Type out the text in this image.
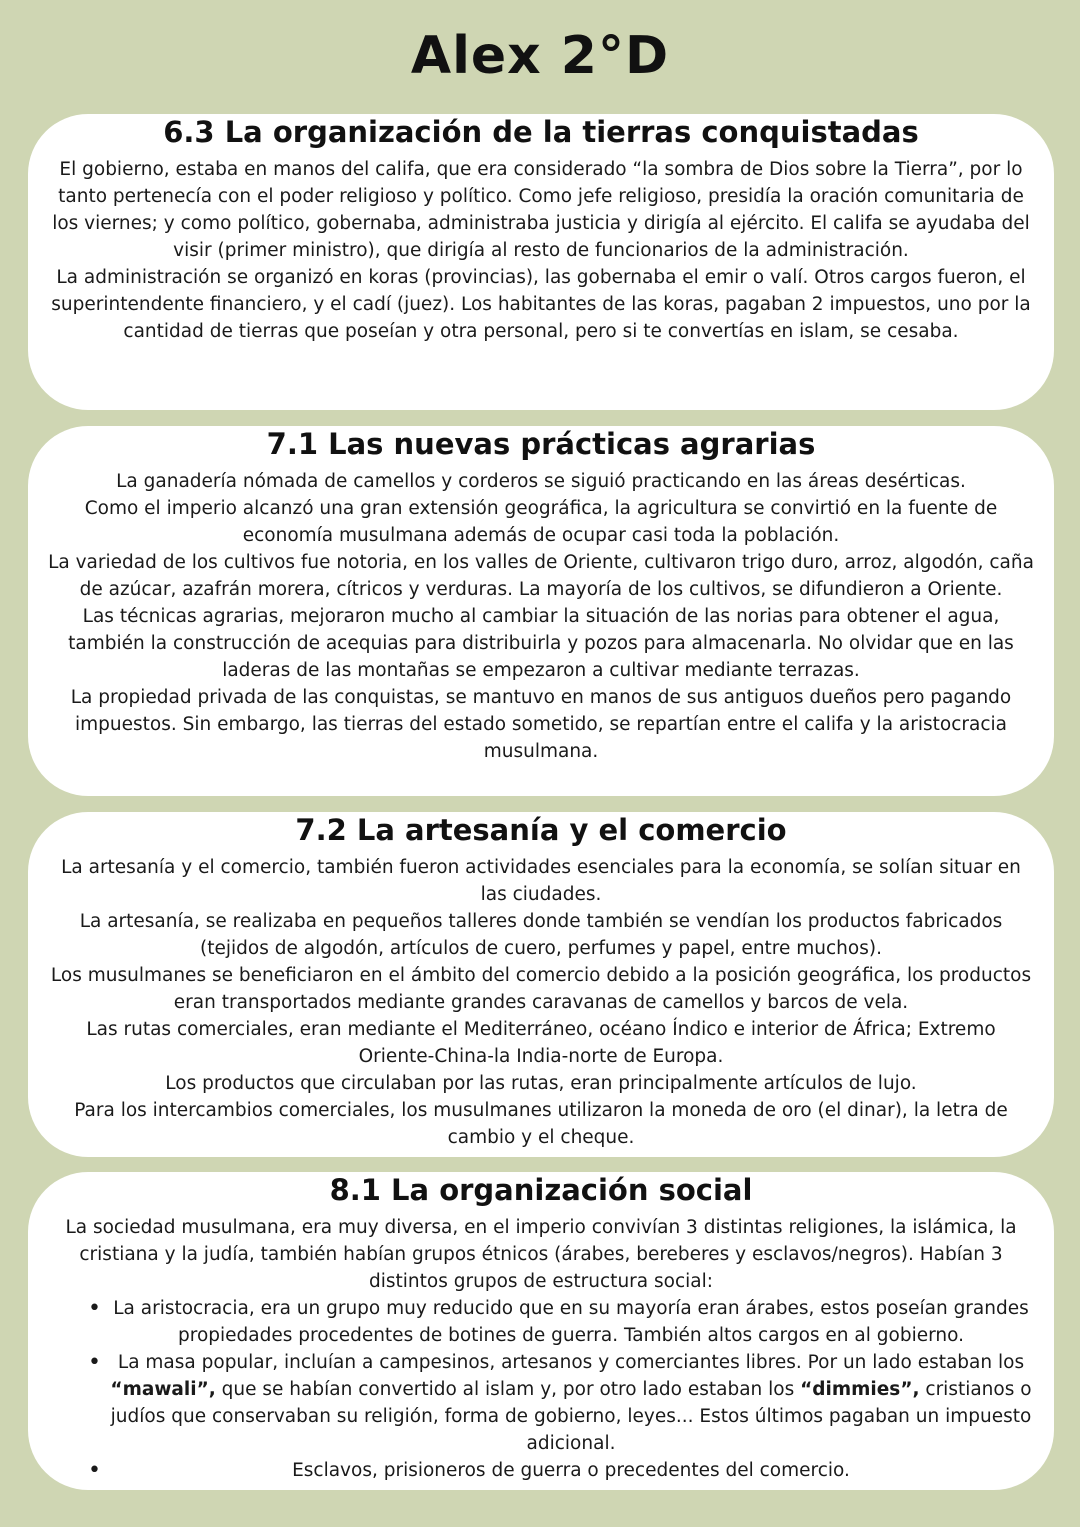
Alex 2°D
6.3 La organización de la tierras conquistadas

El gobierno, estaba en manos del califa, que era considerado “la sombra de Dios sobre la Tierra”, por lo tanto pertenecía con el poder religioso y político. Como jefe religioso, presidía la oración comunitaria de los viernes; y como político, gobernaba, administraba justicia y dirigía al ejército. El califa se ayudaba del visir (primer ministro), que dirigía al resto de funcionarios de la administración.

La administración se organizó en koras (provincias), las gobernaba el emir o valí. Otros cargos fueron, el superintendente financiero, y el cadí (juez). Los habitantes de las koras, pagaban 2 impuestos, uno por la cantidad de tierras que poseían y otra personal, pero si te convertías en islam, se cesaba.

7.1 Las nuevas prácticas agrarias

La ganadería nómada de camellos y corderos se siguió practicando en las áreas desérticas.

Como el imperio alcanzó una gran extensión geográfica, la agricultura se convirtió en la fuente de economía musulmana además de ocupar casi toda la población.

La variedad de los cultivos fue notoria, en los valles de Oriente, cultivaron trigo duro, arroz, algodón, caña de azúcar, azafrán morera, cítricos y verduras. La mayoría de los cultivos, se difundieron a Oriente.

Las técnicas agrarias, mejoraron mucho al cambiar la situación de las norias para obtener el agua, también la construcción de acequias para distribuirla y pozos para almacenarla. No olvidar que en las laderas de las montañas se empezaron a cultivar mediante terrazas.

La propiedad privada de las conquistas, se mantuvo en manos de sus antiguos dueños pero pagando impuestos. Sin embargo, las tierras del estado sometido, se repartían entre el califa y la aristocracia musulmana.

7.2 La artesanía y el comercio

La artesanía y el comercio, también fueron actividades esenciales para la economía, se solían situar en las ciudades.

La artesanía, se realizaba en pequeños talleres donde también se vendían los productos fabricados (tejidos de algodón, artículos de cuero, perfumes y papel, entre muchos).

Los musulmanes se beneficiaron en el ámbito del comercio debido a la posición geográfica, los productos eran transportados mediante grandes caravanas de camellos y barcos de vela.

Las rutas comerciales, eran mediante el Mediterráneo, océano Índico e interior de África; Extremo Oriente-China-la India-norte de Europa.

Los productos que circulaban por las rutas, eran principalmente artículos de lujo.

Para los intercambios comerciales, los musulmanes utilizaron la moneda de oro (el dinar), la letra de cambio y el cheque.

8.1 La organización social

La sociedad musulmana, era muy diversa, en el imperio convivían 3 distintas religiones, la islámica, la cristiana y la judía, también habían grupos étnicos (árabes, bereberes y esclavos/negros). Habían 3 distintos grupos de estructura social:

• La aristocracia, era un grupo muy reducido que en su mayoría eran árabes, estos poseían grandes propiedades procedentes de botines de guerra. También altos cargos en al gobierno.
• La masa popular, incluían a campesinos, artesanos y comerciantes libres. Por un lado estaban los “mawali”, que se habían convertido al islam y, por otro lado estaban los “dimmies”, cristianos o judíos que conservaban su religión, forma de gobierno, leyes... Estos últimos pagaban un impuesto adicional.
•	Esclavos, prisioneros de guerra o precedentes del comercio.
